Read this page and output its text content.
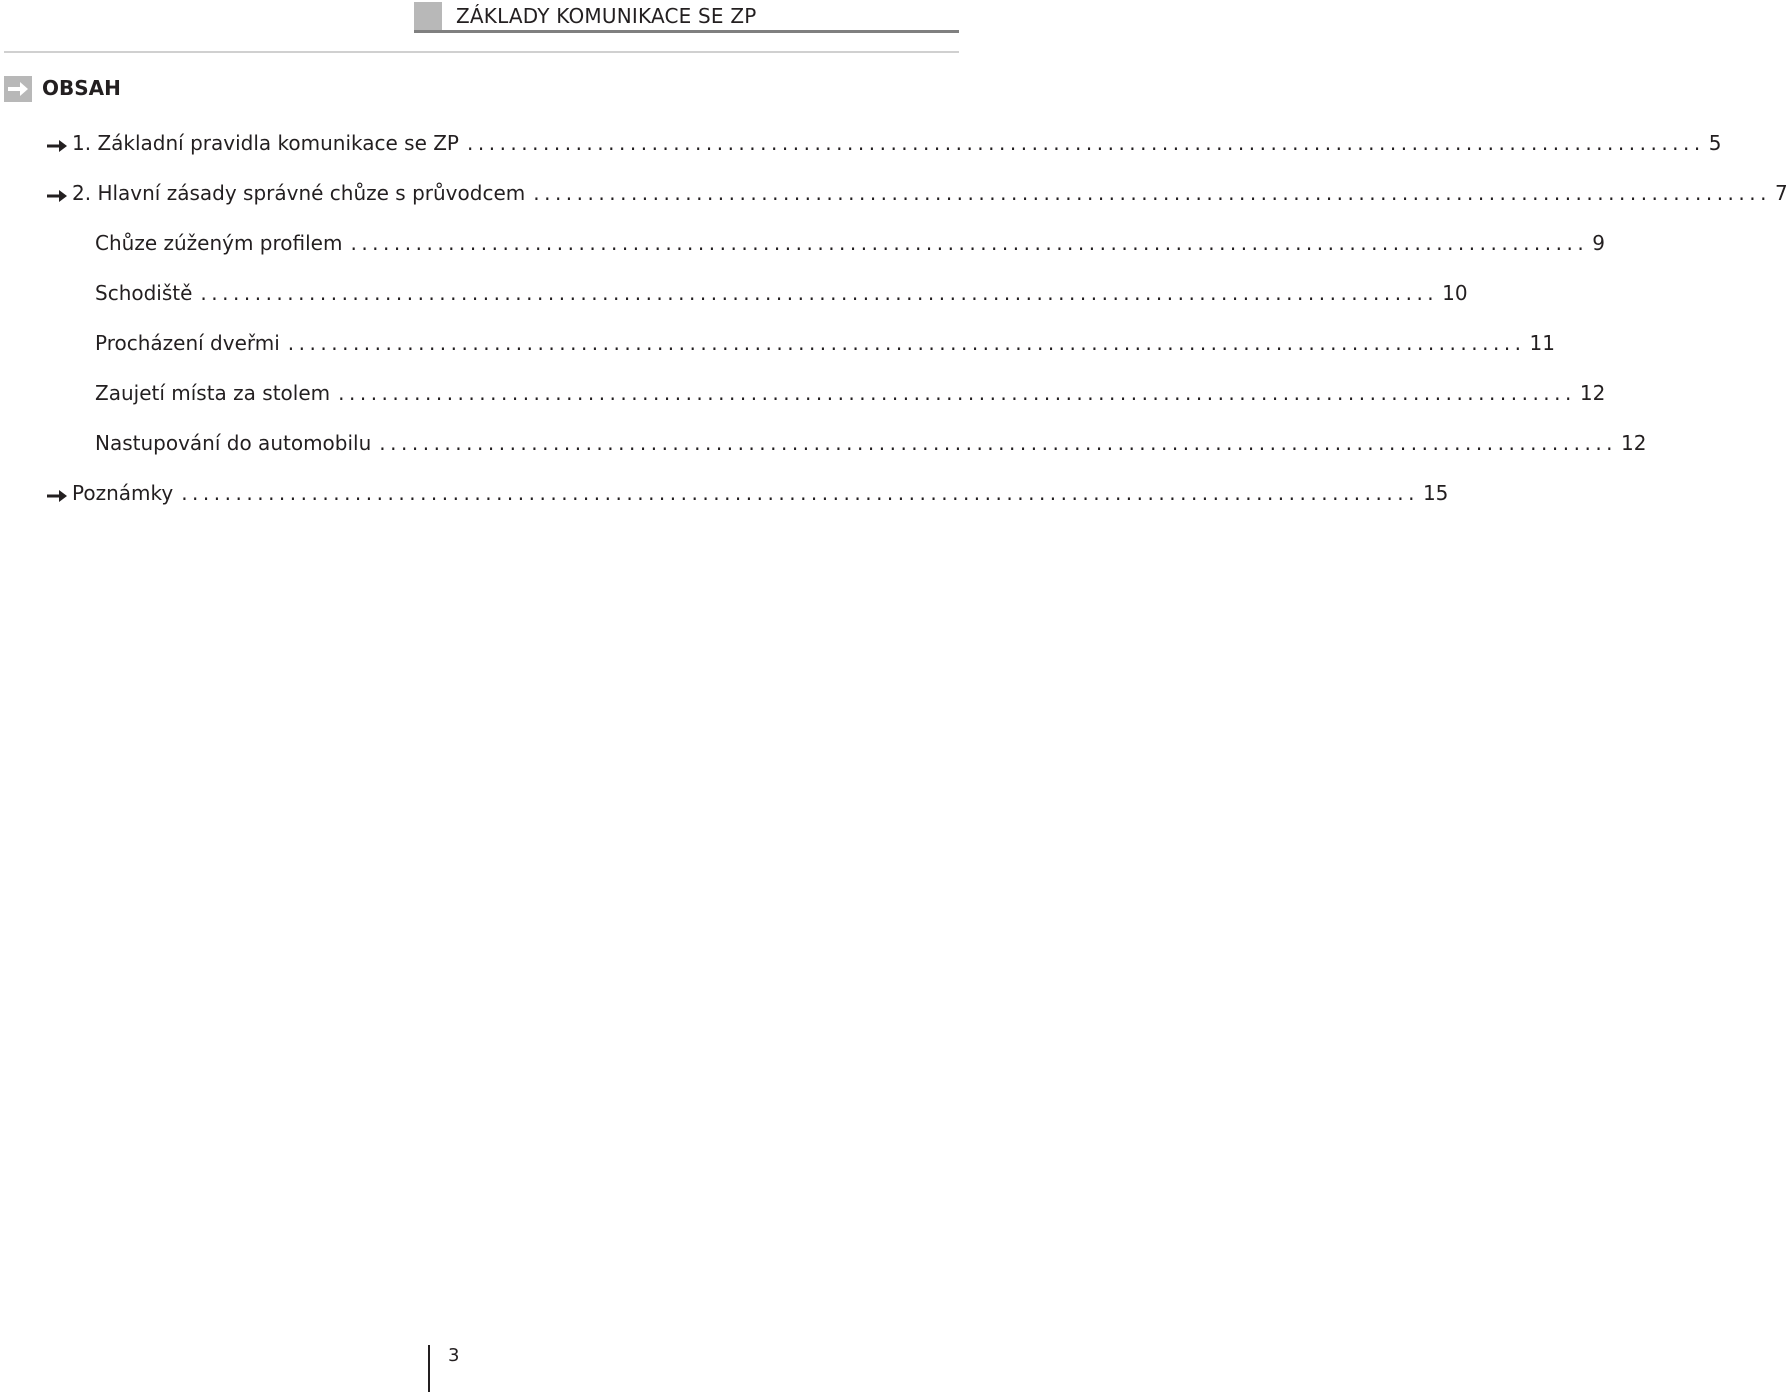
ZÁKLADY KOMUNIKACE SE ZP
OBSAH
1. Základní pravidla komunikace se ZP .................................................................................................................. 5
2. Hlavní zásady správné chůze s průvodcem .................................................................................................................. 7
Chůze zúženým profilem .................................................................................................................. 9
Schodiště .................................................................................................................. 10
Procházení dveřmi .................................................................................................................. 11
Zaujetí místa za stolem .................................................................................................................. 12
Nastupování do automobilu .................................................................................................................. 12
Poznámky .................................................................................................................. 15
3
